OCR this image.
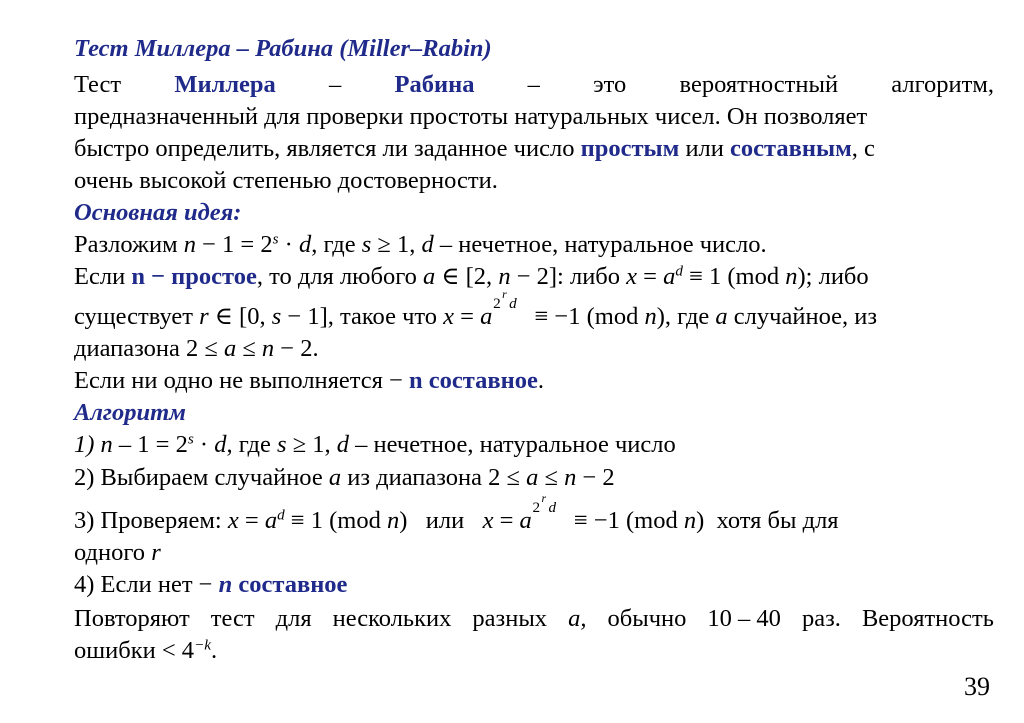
Тест Миллера – Рабина (Miller–Rabin)
Тест Миллера – Рабина – это вероятностный алгоритм,
предназначенный для проверки простоты натуральных чисел. Он позволяет
быстро определить, является ли заданное число простым или составным, с
очень высокой степенью достоверности.
Основная идея:
Разложим $n - 1 = 2^s \cdot d$, где s ≥ 1, d – нечетное, натуральное число.
Если n − простое, то для любого a ∈ [2, n − 2]: либо $x = a^d \equiv 1$ (mod n); либо
существует r ∈ [0, s − 1], такое что x = a 2
r
d ≡ −1 (mod n), где a случайное, из
диапазона 2 ≤ a ≤ n − 2.
Если ни одно не выполняется − n составное.
Алгоритм
1) $n - 1 = 2^s \cdot d$, где s ≥ 1, d – нечетное, натуральное число
2) Выбираем случайное a из диапазона 2 ≤ a ≤ n − 2
3) Проверяем: $x = a^d \equiv 1$ (mod n)   или   x = a 2
r
d ≡ −1 (mod n)  хотя бы для
одного r
4) Если нет − n составное
Повторяют тест для нескольких разных a, обычно 10 – 40 раз. Вероятность
ошибки < $4^{-k}$.
39
